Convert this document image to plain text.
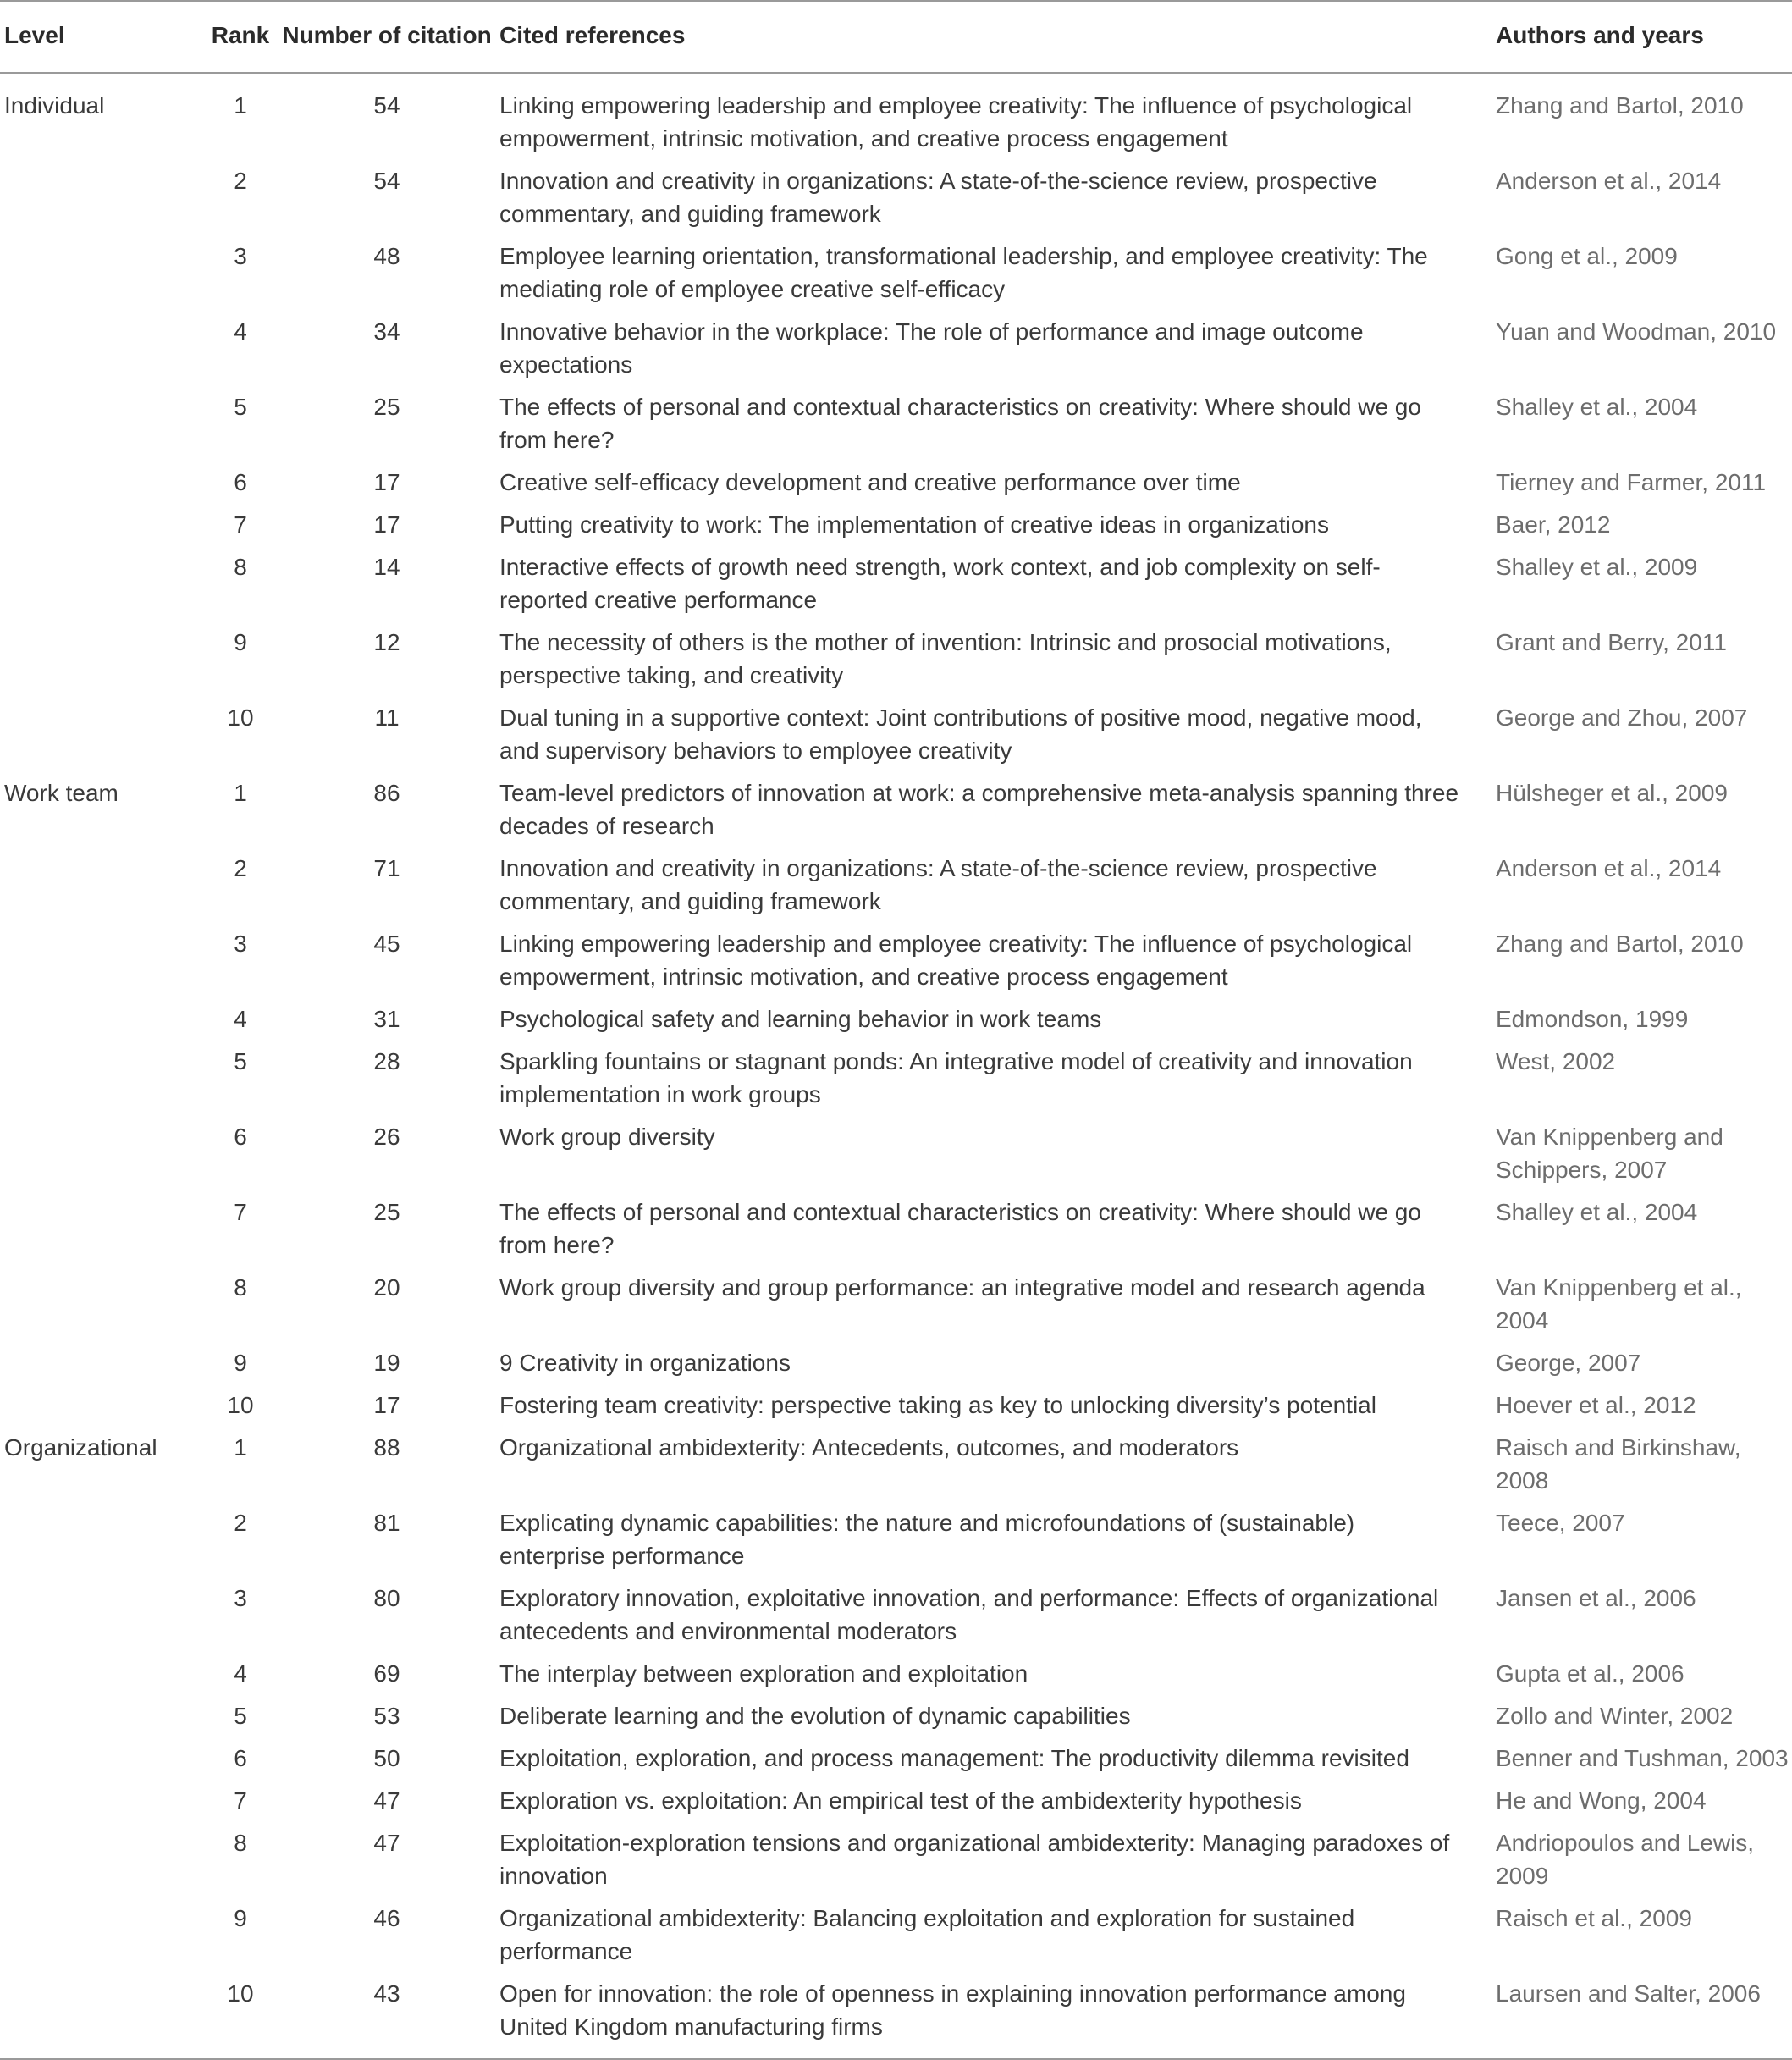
Level	Rank	Number of citation	Cited references	Authors and years
Individual	1	54	Linking empowering leadership and employee creativity: The influence of psychological empowerment, intrinsic motivation, and creative process engagement	Zhang and Bartol, 2010
	2	54	Innovation and creativity in organizations: A state-of-the-science review, prospective commentary, and guiding framework	Anderson et al., 2014
	3	48	Employee learning orientation, transformational leadership, and employee creativity: The mediating role of employee creative self-efficacy	Gong et al., 2009
	4	34	Innovative behavior in the workplace: The role of performance and image outcome expectations	Yuan and Woodman, 2010
	5	25	The effects of personal and contextual characteristics on creativity: Where should we go from here?	Shalley et al., 2004
	6	17	Creative self-efficacy development and creative performance over time	Tierney and Farmer, 2011
	7	17	Putting creativity to work: The implementation of creative ideas in organizations	Baer, 2012
	8	14	Interactive effects of growth need strength, work context, and job complexity on self-reported creative performance	Shalley et al., 2009
	9	12	The necessity of others is the mother of invention: Intrinsic and prosocial motivations, perspective taking, and creativity	Grant and Berry, 2011
	10	11	Dual tuning in a supportive context: Joint contributions of positive mood, negative mood, and supervisory behaviors to employee creativity	George and Zhou, 2007
Work team	1	86	Team-level predictors of innovation at work: a comprehensive meta-analysis spanning three decades of research	Hülsheger et al., 2009
	2	71	Innovation and creativity in organizations: A state-of-the-science review, prospective commentary, and guiding framework	Anderson et al., 2014
	3	45	Linking empowering leadership and employee creativity: The influence of psychological empowerment, intrinsic motivation, and creative process engagement	Zhang and Bartol, 2010
	4	31	Psychological safety and learning behavior in work teams	Edmondson, 1999
	5	28	Sparkling fountains or stagnant ponds: An integrative model of creativity and innovation implementation in work groups	West, 2002
	6	26	Work group diversity	Van Knippenberg and Schippers, 2007
	7	25	The effects of personal and contextual characteristics on creativity: Where should we go from here?	Shalley et al., 2004
	8	20	Work group diversity and group performance: an integrative model and research agenda	Van Knippenberg et al., 2004
	9	19	9 Creativity in organizations	George, 2007
	10	17	Fostering team creativity: perspective taking as key to unlocking diversity’s potential	Hoever et al., 2012
Organizational	1	88	Organizational ambidexterity: Antecedents, outcomes, and moderators	Raisch and Birkinshaw, 2008
	2	81	Explicating dynamic capabilities: the nature and microfoundations of (sustainable) enterprise performance	Teece, 2007
	3	80	Exploratory innovation, exploitative innovation, and performance: Effects of organizational antecedents and environmental moderators	Jansen et al., 2006
	4	69	The interplay between exploration and exploitation	Gupta et al., 2006
	5	53	Deliberate learning and the evolution of dynamic capabilities	Zollo and Winter, 2002
	6	50	Exploitation, exploration, and process management: The productivity dilemma revisited	Benner and Tushman, 2003
	7	47	Exploration vs. exploitation: An empirical test of the ambidexterity hypothesis	He and Wong, 2004
	8	47	Exploitation-exploration tensions and organizational ambidexterity: Managing paradoxes of innovation	Andriopoulos and Lewis, 2009
	9	46	Organizational ambidexterity: Balancing exploitation and exploration for sustained performance	Raisch et al., 2009
	10	43	Open for innovation: the role of openness in explaining innovation performance among United Kingdom manufacturing firms	Laursen and Salter, 2006
